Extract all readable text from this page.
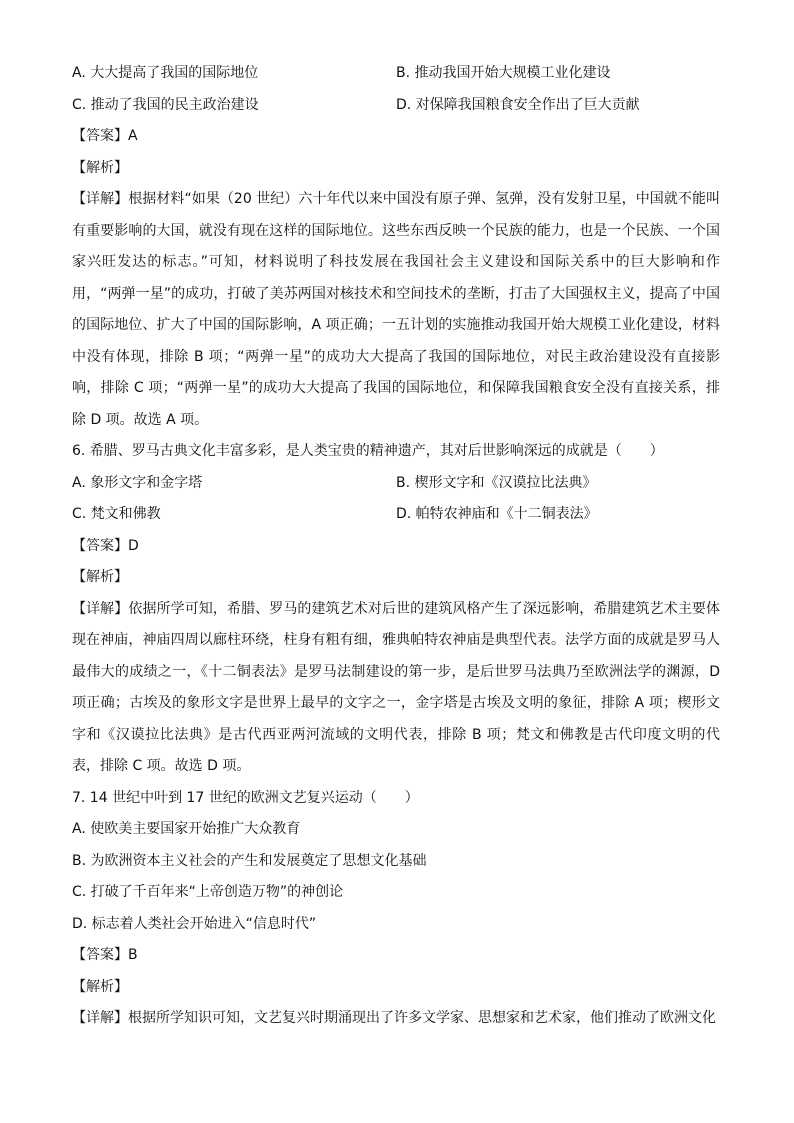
A. 大大提高了我国的国际地位	B. 推动我国开始大规模工业化建设
C. 推动了我国的民主政治建设	D. 对保障我国粮食安全作出了巨大贡献
【答案】A
【解析】
【详解】根据材料“如果（20 世纪）六十年代以来中国没有原子弹、氢弹，没有发射卫星，中国就不能叫有重要影响的大国，就没有现在这样的国际地位。这些东西反映一个民族的能力，也是一个民族、一个国家兴旺发达的标志。”可知，材料说明了科技发展在我国社会主义建设和国际关系中的巨大影响和作用，“两弹一星”的成功，打破了美苏两国对核技术和空间技术的垄断，打击了大国强权主义，提高了中国的国际地位、扩大了中国的国际影响，A 项正确；一五计划的实施推动我国开始大规模工业化建设，材料中没有体现，排除 B 项；“两弹一星”的成功大大提高了我国的国际地位，对民主政治建设没有直接影响，排除 C 项；“两弹一星”的成功大大提高了我国的国际地位，和保障我国粮食安全没有直接关系，排除 D 项。故选 A 项。
6. 希腊、罗马古典文化丰富多彩，是人类宝贵的精神遗产，其对后世影响深远的成就是（　　）
A. 象形文字和金字塔	B. 楔形文字和《汉谟拉比法典》
C. 梵文和佛教	D. 帕特农神庙和《十二铜表法》
【答案】D
【解析】
【详解】依据所学可知，希腊、罗马的建筑艺术对后世的建筑风格产生了深远影响，希腊建筑艺术主要体现在神庙，神庙四周以廊柱环绕，柱身有粗有细，雅典帕特农神庙是典型代表。法学方面的成就是罗马人最伟大的成绩之一，《十二铜表法》是罗马法制建设的第一步，是后世罗马法典乃至欧洲法学的渊源，D 项正确；古埃及的象形文字是世界上最早的文字之一，金字塔是古埃及文明的象征，排除 A 项；楔形文字和《汉谟拉比法典》是古代西亚两河流域的文明代表，排除 B 项；梵文和佛教是古代印度文明的代表，排除 C 项。故选 D 项。
7. 14 世纪中叶到 17 世纪的欧洲文艺复兴运动（　　）
A. 使欧美主要国家开始推广大众教育
B. 为欧洲资本主义社会的产生和发展奠定了思想文化基础
C. 打破了千百年来“上帝创造万物”的神创论
D. 标志着人类社会开始进入“信息时代”
【答案】B
【解析】
【详解】根据所学知识可知，文艺复兴时期涌现出了许多文学家、思想家和艺术家，他们推动了欧洲文化
